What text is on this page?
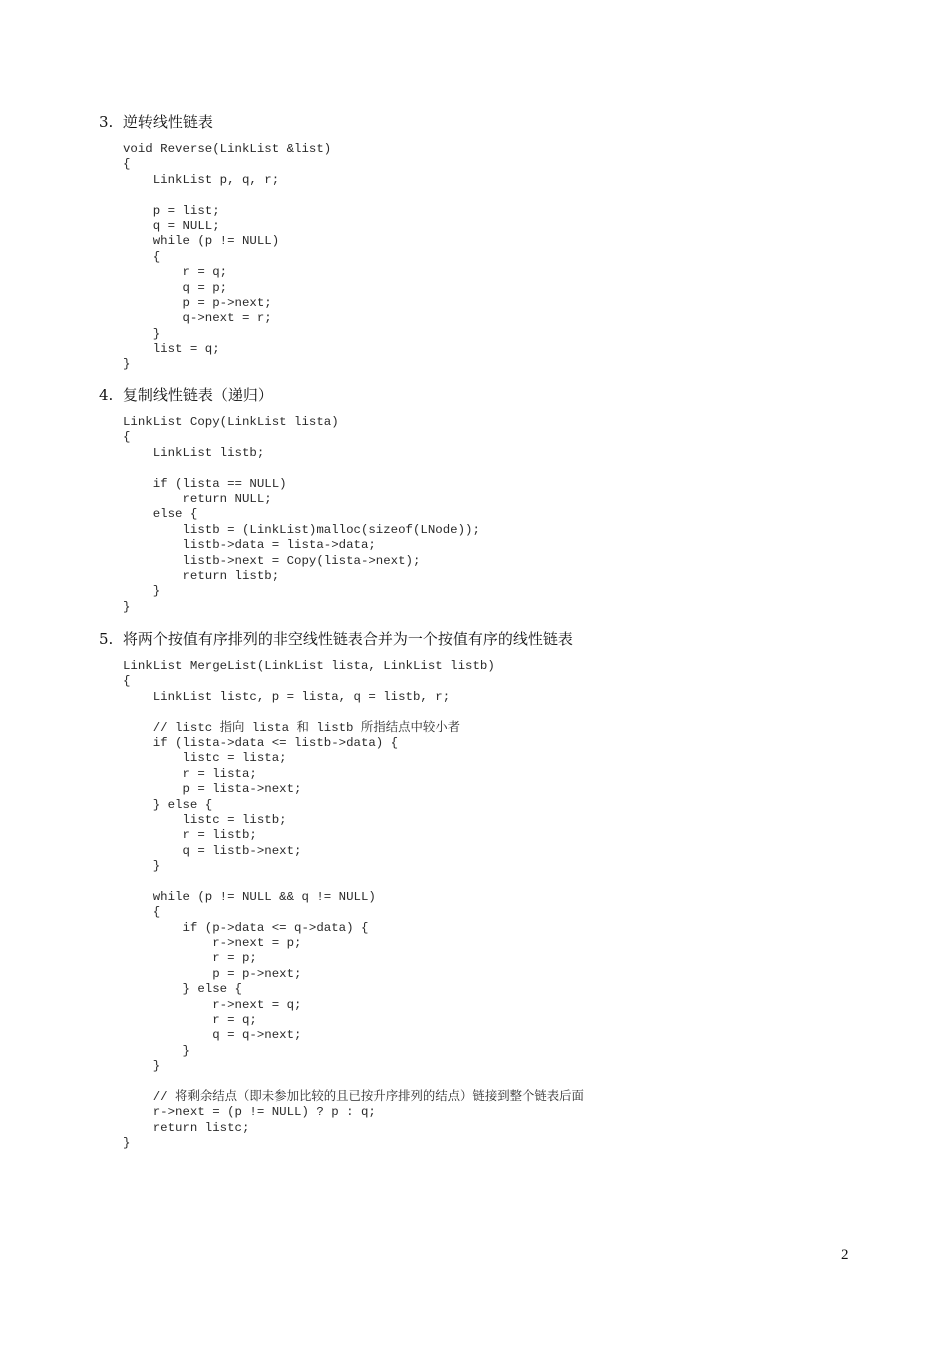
3.  逆转线性链表
void Reverse(LinkList &list)
{
LinkList p, q, r;
p = list;
q = NULL;
while (p != NULL)
{
r = q;
q = p;
p = p->next;
q->next = r;
}
list = q;
}
4.  复制线性链表（递归）
LinkList Copy(LinkList lista)
{
LinkList listb;
if (lista == NULL)
return NULL;
else {
listb = (LinkList)malloc(sizeof(LNode));
listb->data = lista->data;
listb->next = Copy(lista->next);
return listb;
}
}
5.  将两个按值有序排列的非空线性链表合并为一个按值有序的线性链表
LinkList MergeList(LinkList lista, LinkList listb)
{
LinkList listc, p = lista, q = listb, r;
// listc 指向 lista 和 listb 所指结点中较小者
if (lista->data <= listb->data) {
listc = lista;
r = lista;
p = lista->next;
} else {
listc = listb;
r = listb;
q = listb->next;
}
while (p != NULL && q != NULL)
{
if (p->data <= q->data) {
r->next = p;
r = p;
p = p->next;
} else {
r->next = q;
r = q;
q = q->next;
}
}
// 将剩余结点（即未参加比较的且已按升序排列的结点）链接到整个链表后面
r->next = (p != NULL) ? p : q;
return listc;
}
2
